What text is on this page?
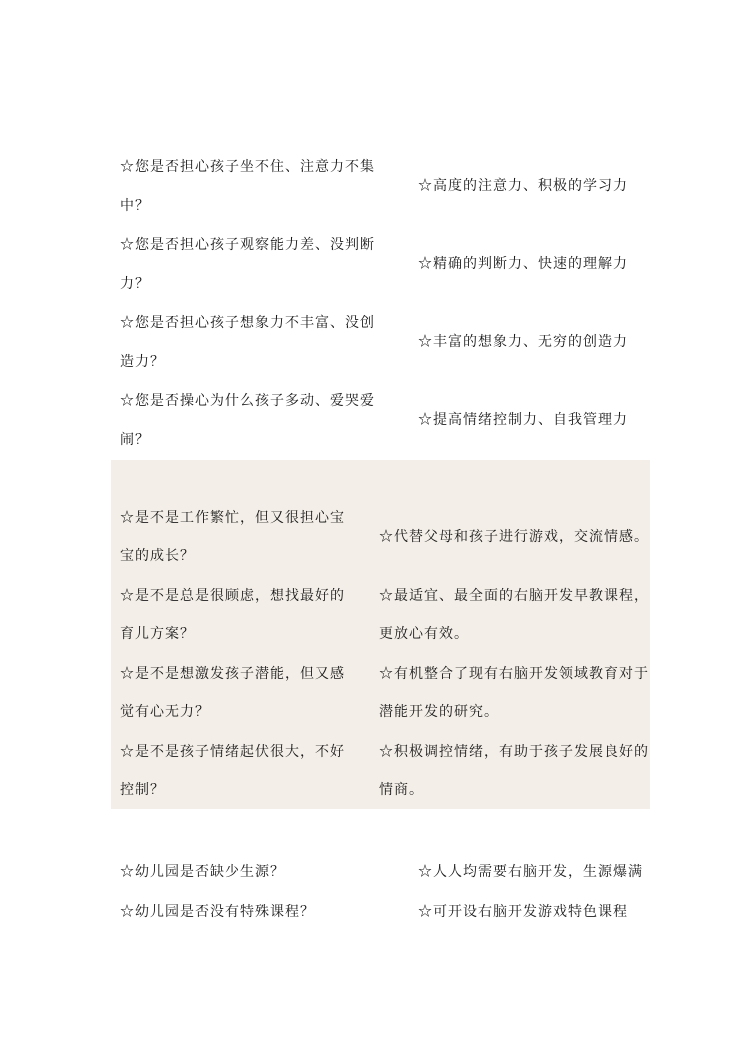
☆您是否担心孩子坐不住、注意力不集
中？
☆高度的注意力、积极的学习力
☆您是否担心孩子观察能力差、没判断
力？
☆精确的判断力、快速的理解力
☆您是否担心孩子想象力不丰富、没创
造力？
☆丰富的想象力、无穷的创造力
☆您是否操心为什么孩子多动、爱哭爱
闹？
☆提高情绪控制力、自我管理力
☆是不是工作繁忙，但又很担心宝
宝的成长？
☆代替父母和孩子进行游戏，交流情感。
☆是不是总是很顾虑，想找最好的
育儿方案？
☆最适宜、最全面的右脑开发早教课程，
更放心有效。
☆是不是想激发孩子潜能，但又感
觉有心无力？
☆有机整合了现有右脑开发领域教育对于
潜能开发的研究。
☆是不是孩子情绪起伏很大，不好
控制？
☆积极调控情绪，有助于孩子发展良好的
情商。
☆幼儿园是否缺少生源？	☆人人均需要右脑开发，生源爆满
☆幼儿园是否没有特殊课程？	☆可开设右脑开发游戏特色课程
